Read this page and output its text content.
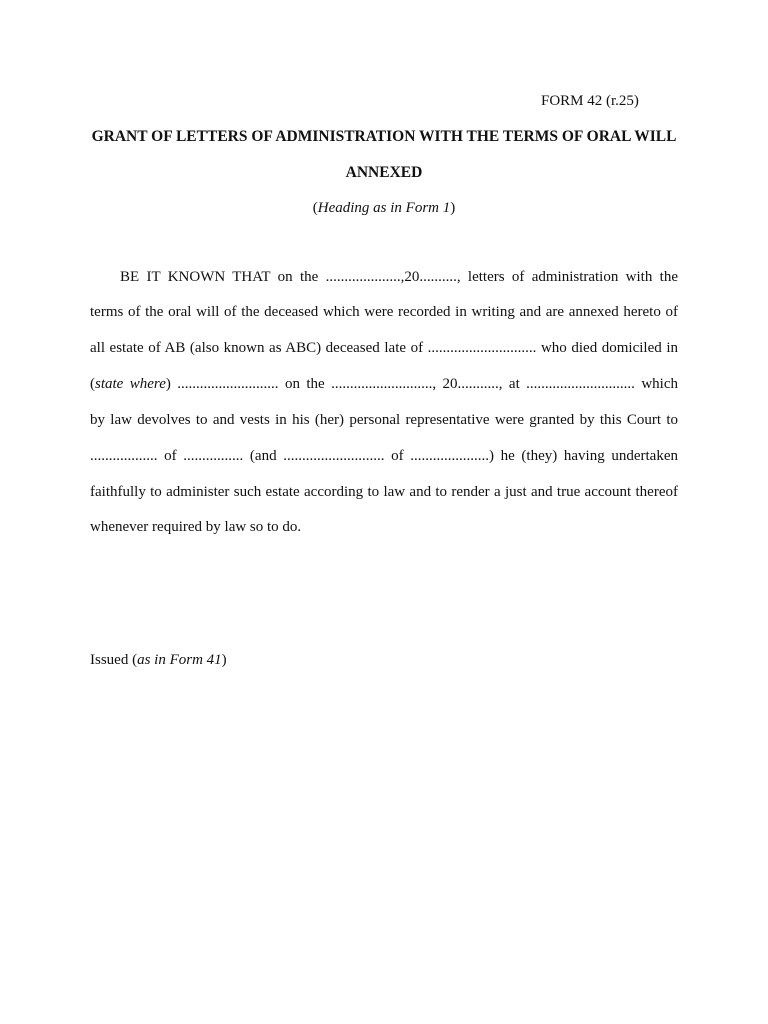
FORM 42 (r.25)
GRANT OF LETTERS OF ADMINISTRATION WITH THE TERMS OF ORAL WILL
ANNEXED
(Heading as in Form 1)
BE IT KNOWN THAT on the ....................,20.........., letters of administration with the
terms of the oral will of the deceased which were recorded in writing and are annexed hereto of
all estate of AB (also known as ABC) deceased late of ............................. who died domiciled in
(state where) ........................... on the ..........................., 20..........., at ............................. which
by law devolves to and vests in his (her) personal representative were granted by this Court to
.................. of ................ (and ........................... of .....................) he (they) having undertaken
faithfully to administer such estate according to law and to render a just and true account thereof
whenever required by law so to do.
Issued (as in Form 41)
